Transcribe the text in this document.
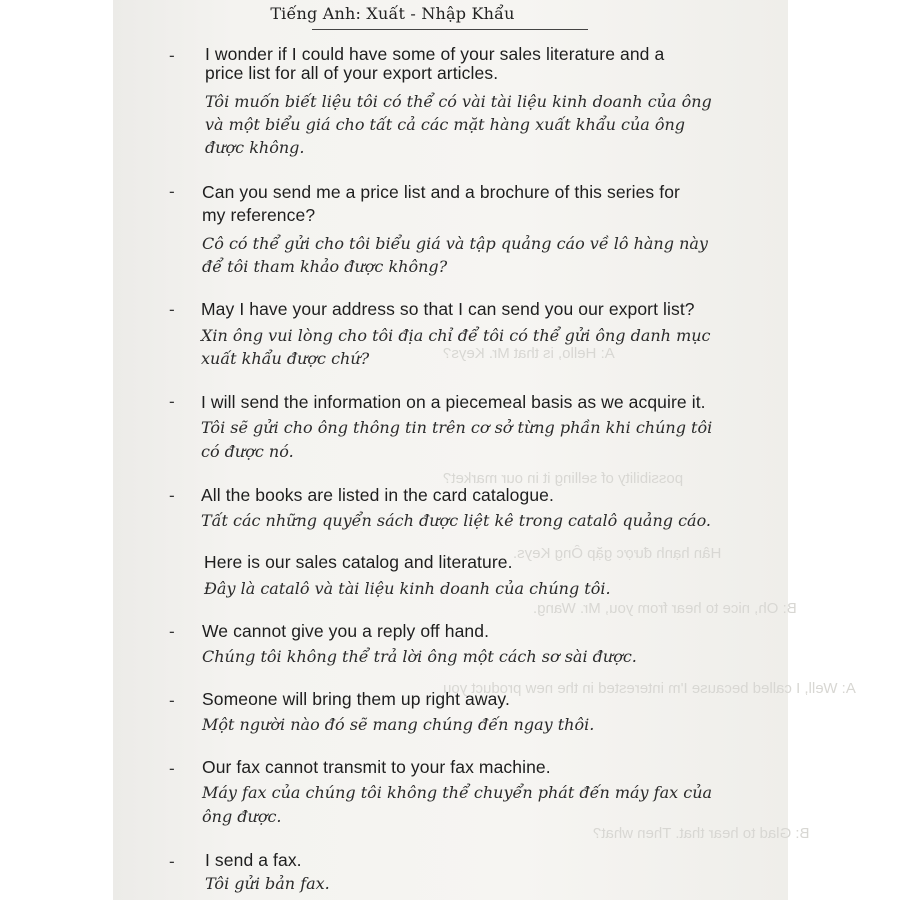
A: Hello, is that Mr. Keys?
possibility of selling it in our market?
Hân hạnh được gặp Ông Keys.
B: Oh, nice to hear from you, Mr. Wang.
A: Well, I called because I'm interested in the new product you
B: Glad to hear that. Then what?
Tiếng Anh: Xuất - Nhập Khẩu
- I wonder if I could have some of your sales literature and a
price list for all of your export articles.
Tôi muốn biết liệu tôi có thể có vài tài liệu kinh doanh của ông
và một biểu giá cho tất cả các mặt hàng xuất khẩu của ông
được không.
- Can you send me a price list and a brochure of this series for
my reference?
Cô có thể gửi cho tôi biểu giá và tập quảng cáo về lô hàng này
để tôi tham khảo được không?
- May I have your address so that I can send you our export list?
Xin ông vui lòng cho tôi địa chỉ để tôi có thể gửi ông danh mục
xuất khẩu được chứ?
- I will send the information on a piecemeal basis as we acquire it.
Tôi sẽ gửi cho ông thông tin trên cơ sở từng phần khi chúng tôi
có được nó.
- All the books are listed in the card catalogue.
Tất các những quyển sách được liệt kê trong catalô quảng cáo.
Here is our sales catalog and literature.
Đây là catalô và tài liệu kinh doanh của chúng tôi.
- We cannot give you a reply off hand.
Chúng tôi không thể trả lời ông một cách sơ sài được.
- Someone will bring them up right away.
Một người nào đó sẽ mang chúng đến ngay thôi.
- Our fax cannot transmit to your fax machine.
Máy fax của chúng tôi không thể chuyển phát đến máy fax của
ông được.
- I send a fax.
Tôi gửi bản fax.
